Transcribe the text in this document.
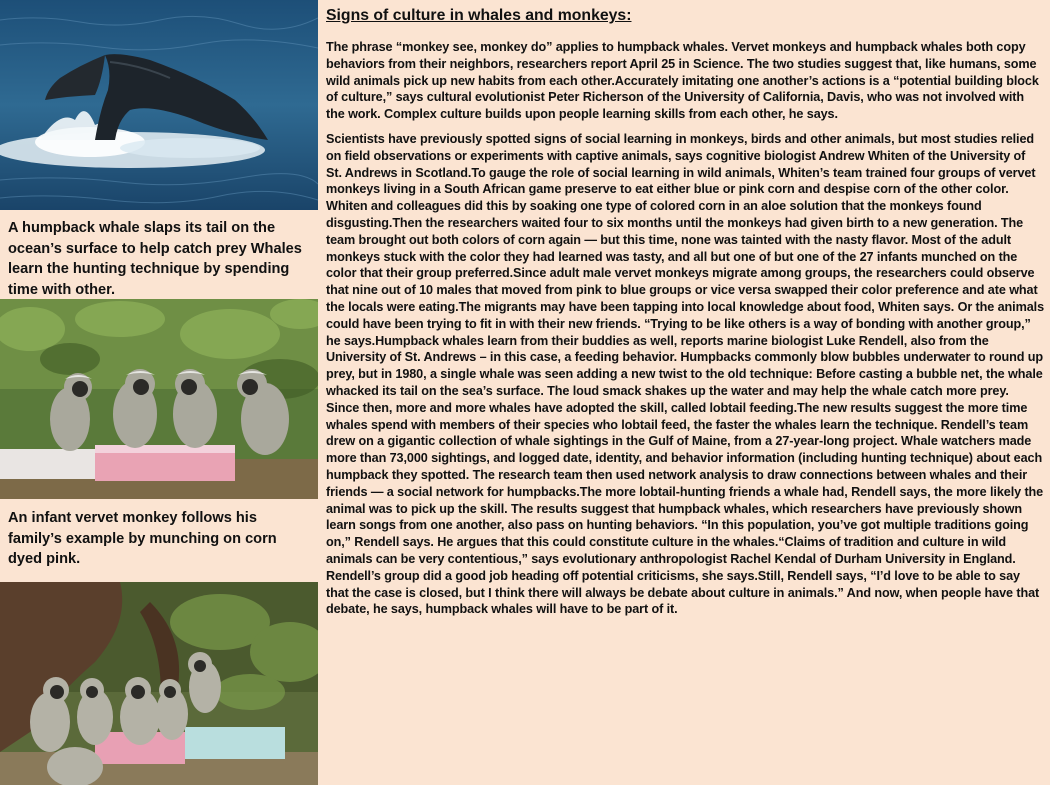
A humpback whale slaps its tail on the ocean’s surface to help catch prey Whales learn the hunting technique by spending time with other.

An infant vervet monkey follows his family’s example by munching on corn dyed pink.

Signs of culture in whales and monkeys:

The phrase “monkey see, monkey do” applies to humpback whales. Vervet monkeys and humpback whales both copy behaviors from their neighbors, researchers report April 25 in Science. The two studies suggest that, like humans, some wild animals pick up new habits from each other.Accurately imitating one another’s actions is a “potential building block of culture,” says cultural evolutionist Peter Richerson of the University of California, Davis, who was not involved with the work. Complex culture builds upon people learning skills from each other, he says.

Scientists have previously spotted signs of social learning in monkeys, birds and other animals, but most studies relied on field observations or experiments with captive animals, says cognitive biologist Andrew Whiten of the University of St. Andrews in Scotland.To gauge the role of social learning in wild animals, Whiten’s team trained four groups of vervet monkeys living in a South African game preserve to eat either blue or pink corn and despise corn of the other color. Whiten and colleagues did this by soaking one type of colored corn in an aloe solution that the monkeys found disgusting.Then the researchers waited four to six months until the monkeys had given birth to a new generation. The team brought out both colors of corn again — but this time, none was tainted with the nasty flavor. Most of the adult monkeys stuck with the color they had learned was tasty, and all but one of but one of the 27 infants munched on the color that their group preferred.Since adult male vervet monkeys migrate among groups, the researchers could observe that nine out of 10 males that moved from pink to blue groups or vice versa swapped their color preference and ate what the locals were eating.The migrants may have been tapping into local knowledge about food, Whiten says. Or the animals could have been trying to fit in with their new friends. “Trying to be like others is a way of bonding with another group,” he says.Humpback whales learn from their buddies as well, reports marine biologist Luke Rendell, also from the University of St. Andrews – in this case, a feeding behavior. Humpbacks commonly blow bubbles underwater to round up prey, but in 1980, a single whale was seen adding a new twist to the old technique: Before casting a bubble net, the whale whacked its tail on the sea’s surface. The loud smack shakes up the water and may help the whale catch more prey. Since then, more and more whales have adopted the skill, called lobtail feeding.The new results suggest the more time whales spend with members of their species who lobtail feed, the faster the whales learn the technique. Rendell’s team drew on a gigantic collection of whale sightings in the Gulf of Maine, from a 27-year-long project. Whale watchers made more than 73,000 sightings, and logged date, identity, and behavior information (including hunting technique) about each humpback they spotted. The research team then used network analysis to draw connections between whales and their friends — a social network for humpbacks.The more lobtail-hunting friends a whale had, Rendell says, the more likely the animal was to pick up the skill. The results suggest that humpback whales, which researchers have previously shown learn songs from one another, also pass on hunting behaviors. “In this population, you’ve got multiple traditions going on,” Rendell says. He argues that this could constitute culture in the whales.“Claims of tradition and culture in wild animals can be very contentious,” says evolutionary anthropologist Rachel Kendal of Durham University in England. Rendell’s group did a good job heading off potential criticisms, she says.Still, Rendell says, “I’d love to be able to say that the case is closed, but I think there will always be debate about culture in animals.” And now, when people have that debate, he says, humpback whales will have to be part of it.
